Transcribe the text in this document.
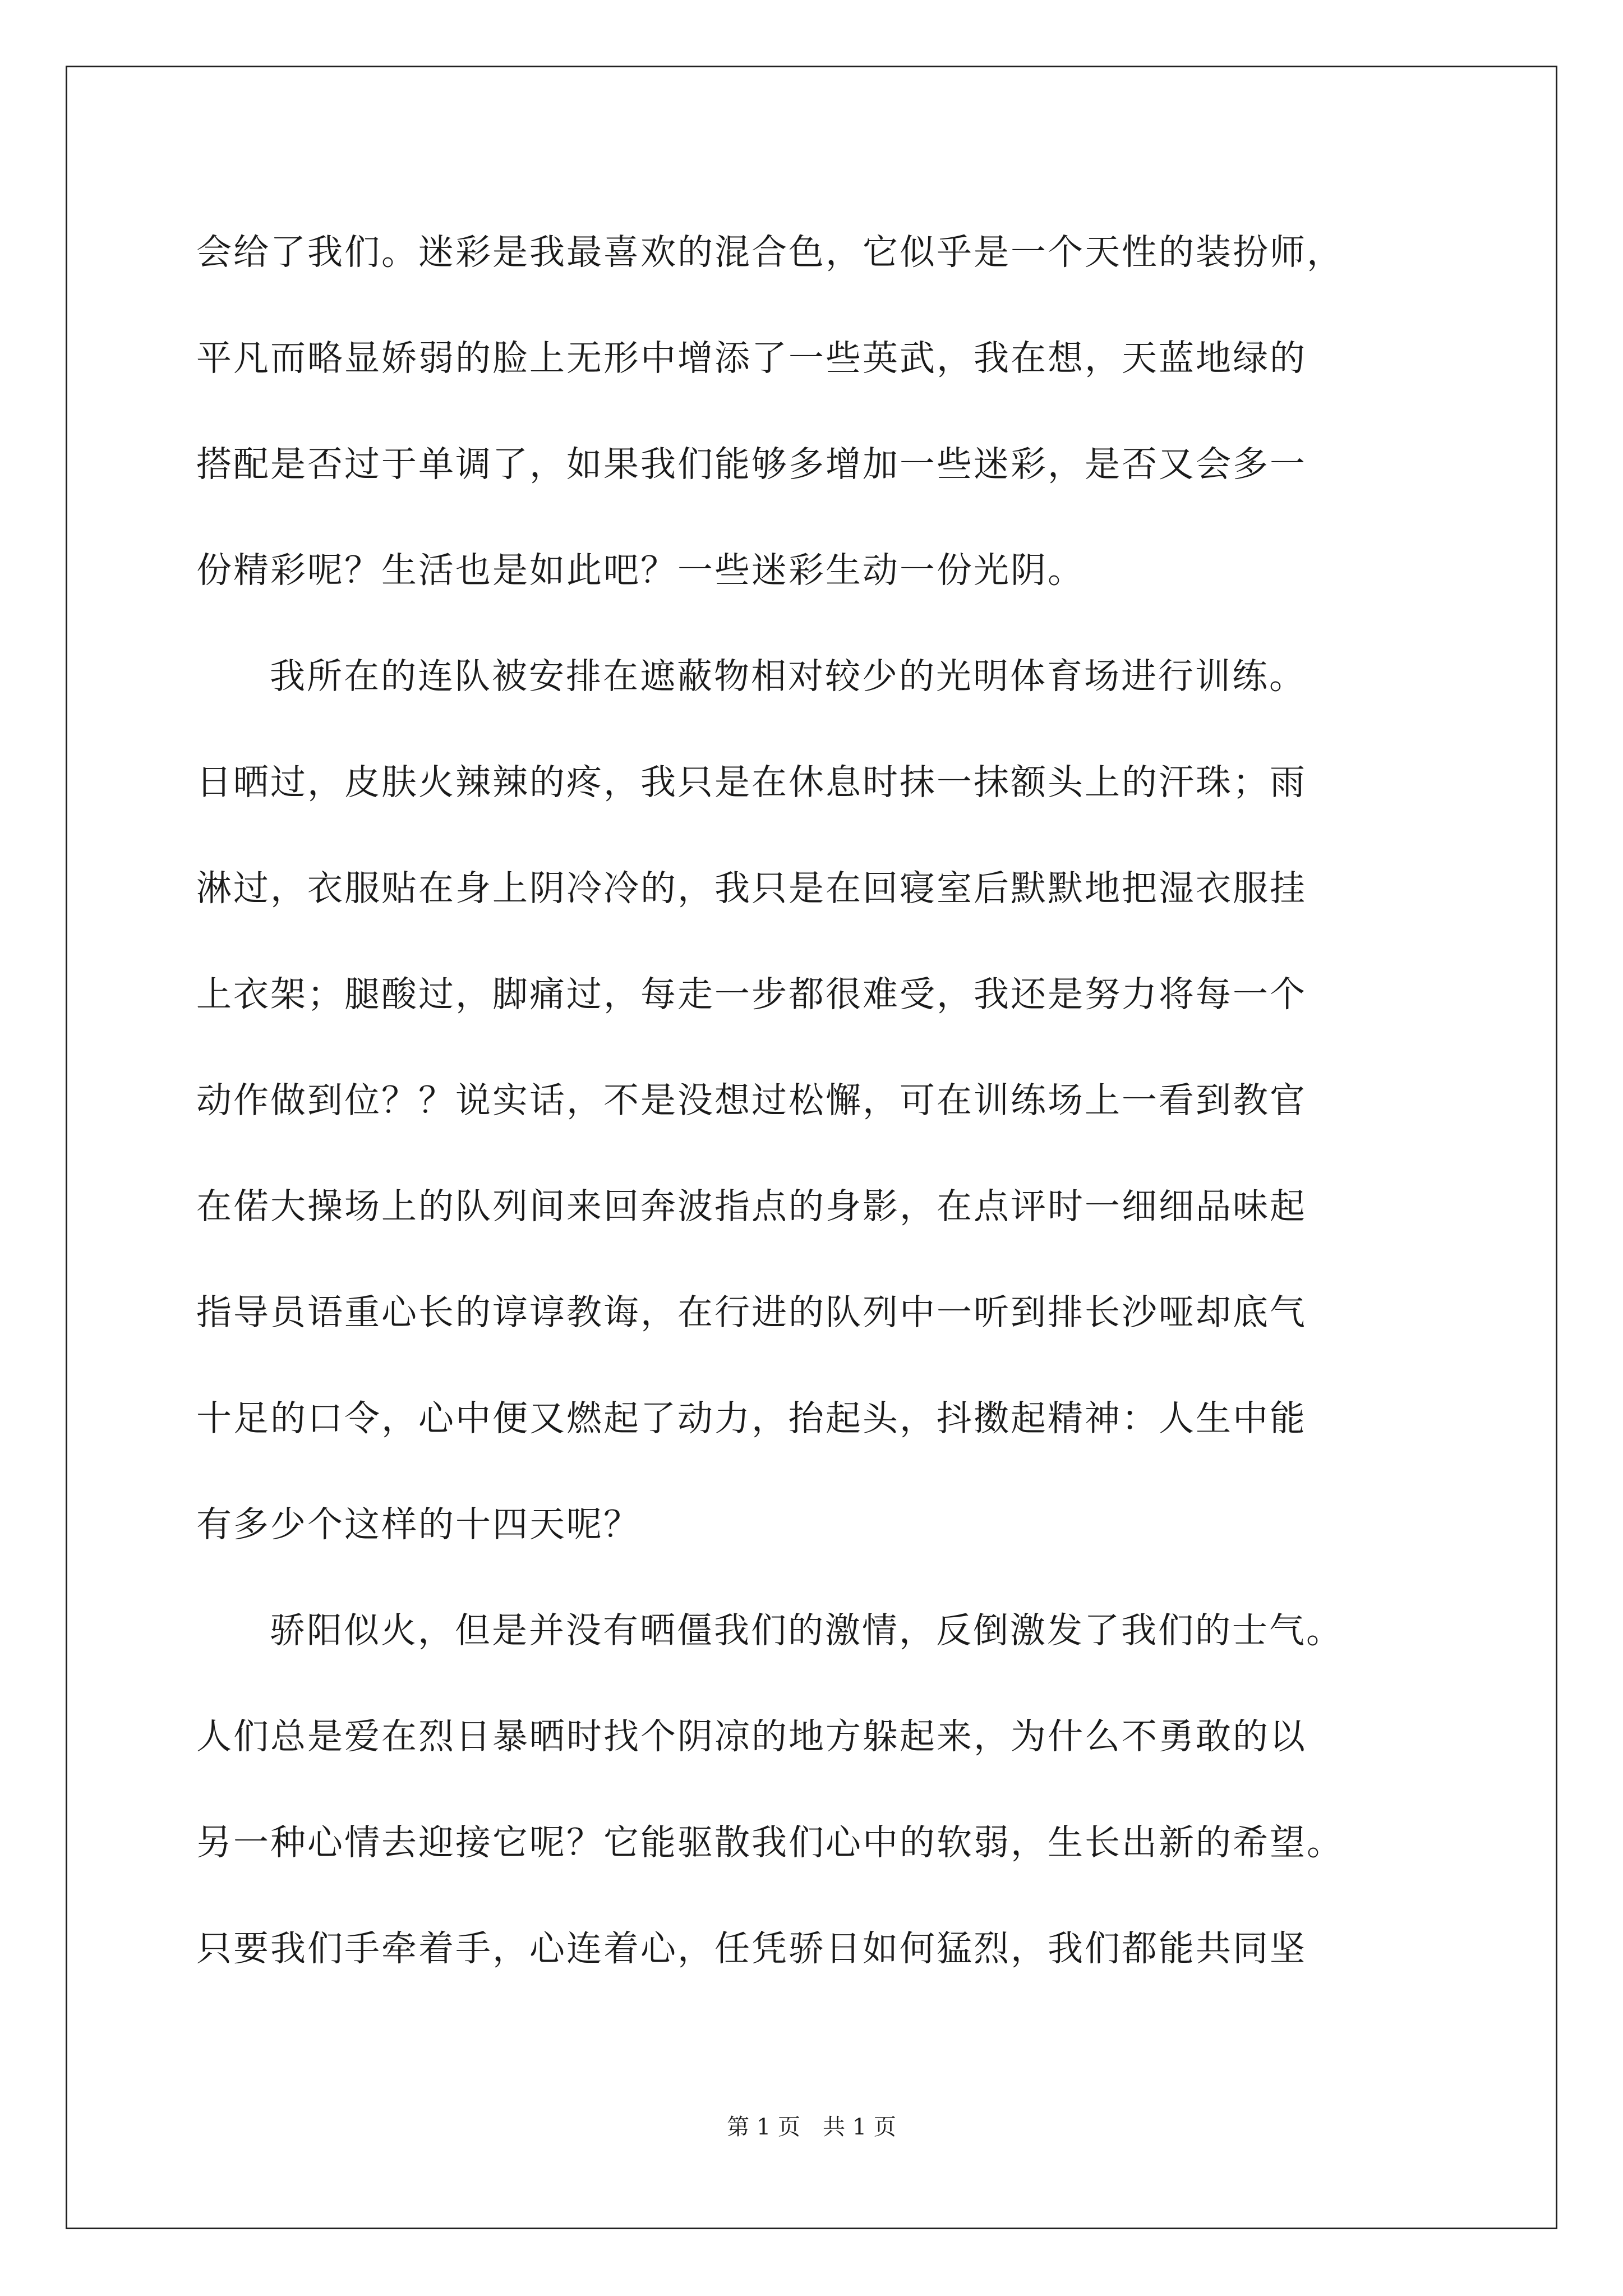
会给了我们。迷彩是我最喜欢的混合色，它似乎是一个天性的装扮师，
平凡而略显娇弱的脸上无形中增添了一些英武，我在想，天蓝地绿的
搭配是否过于单调了，如果我们能够多增加一些迷彩，是否又会多一
份精彩呢？生活也是如此吧？一些迷彩生动一份光阴。
我所在的连队被安排在遮蔽物相对较少的光明体育场进行训练。
日晒过，皮肤火辣辣的疼，我只是在休息时抹一抹额头上的汗珠；雨
淋过，衣服贴在身上阴冷冷的，我只是在回寝室后默默地把湿衣服挂
上衣架；腿酸过，脚痛过，每走一步都很难受，我还是努力将每一个
动作做到位？？说实话，不是没想过松懈，可在训练场上一看到教官
在偌大操场上的队列间来回奔波指点的身影，在点评时一细细品味起
指导员语重心长的谆谆教诲，在行进的队列中一听到排长沙哑却底气
十足的口令，心中便又燃起了动力，抬起头，抖擞起精神：人生中能
有多少个这样的十四天呢？
骄阳似火，但是并没有晒僵我们的激情，反倒激发了我们的士气。
人们总是爱在烈日暴晒时找个阴凉的地方躲起来，为什么不勇敢的以
另一种心情去迎接它呢？它能驱散我们心中的软弱，生长出新的希望。
只要我们手牵着手，心连着心，任凭骄日如何猛烈，我们都能共同坚
第 1 页　共 1 页
